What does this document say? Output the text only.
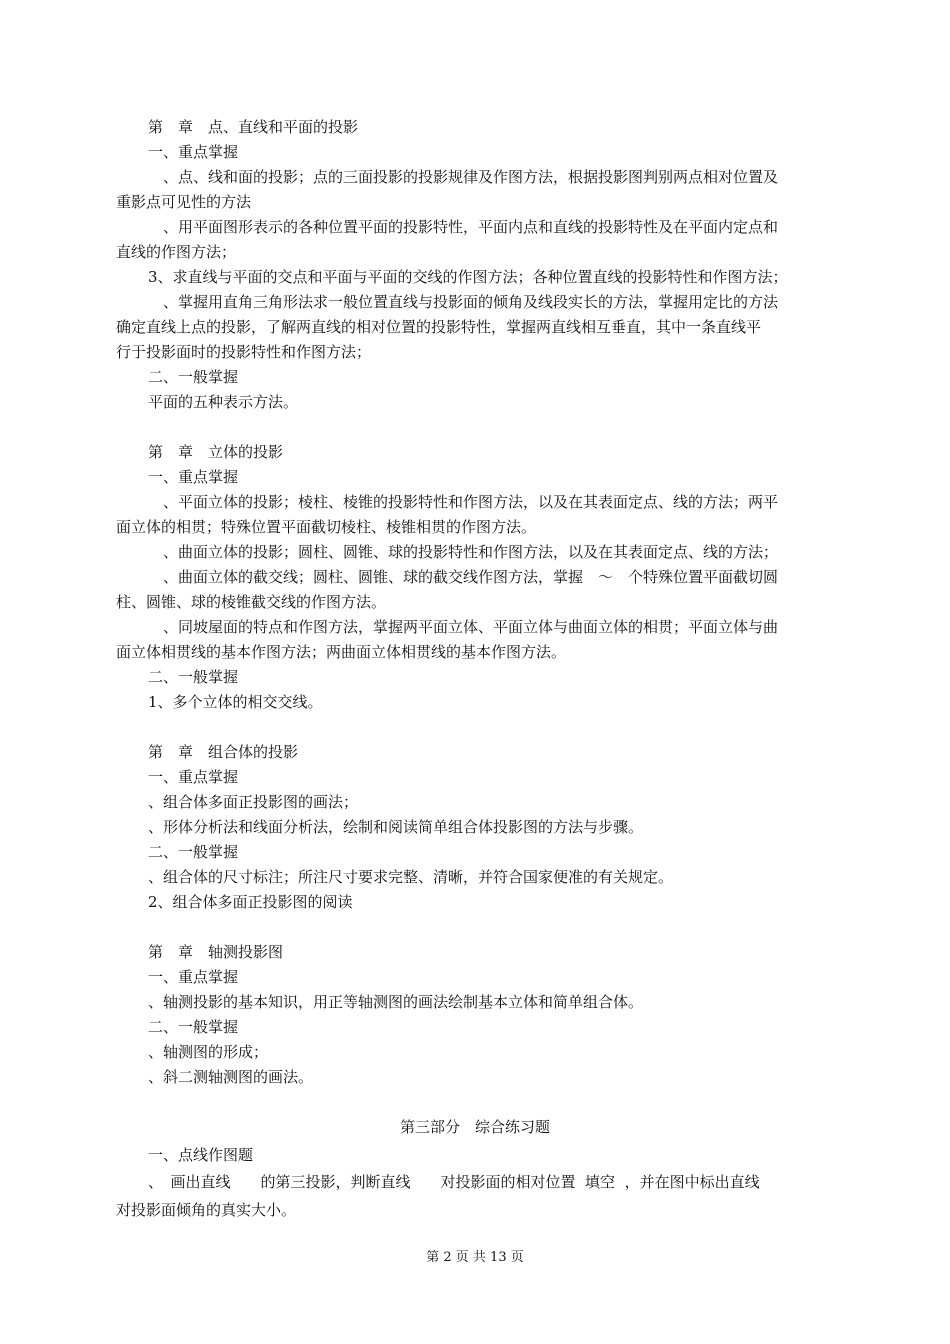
第　章　点、直线和平面的投影
一、重点掌握
　、点、线和面的投影；点的三面投影的投影规律及作图方法，根据投影图判别两点相对位置及
重影点可见性的方法
　、用平面图形表示的各种位置平面的投影特性，平面内点和直线的投影特性及在平面内定点和
直线的作图方法；
3、求直线与平面的交点和平面与平面的交线的作图方法；各种位置直线的投影特性和作图方法；
　、掌握用直角三角形法求一般位置直线与投影面的倾角及线段实长的方法，掌握用定比的方法
确定直线上点的投影，了解两直线的相对位置的投影特性，掌握两直线相互垂直，其中一条直线平
行于投影面时的投影特性和作图方法；
二、一般掌握
平面的五种表示方法。
第　章　立体的投影
一、重点掌握
　、平面立体的投影；棱柱、棱锥的投影特性和作图方法，以及在其表面定点、线的方法；两平
面立体的相贯；特殊位置平面截切棱柱、棱锥相贯的作图方法。
　、曲面立体的投影；圆柱、圆锥、球的投影特性和作图方法，以及在其表面定点、线的方法；
　、曲面立体的截交线；圆柱、圆锥、球的截交线作图方法，掌握　～　个特殊位置平面截切圆
柱、圆锥、球的棱锥截交线的作图方法。
　、同坡屋面的特点和作图方法，掌握两平面立体、平面立体与曲面立体的相贯；平面立体与曲
面立体相贯线的基本作图方法；两曲面立体相贯线的基本作图方法。
二、一般掌握
1、多个立体的相交交线。
第　章　组合体的投影
一、重点掌握
、组合体多面正投影图的画法；
、形体分析法和线面分析法，绘制和阅读简单组合体投影图的方法与步骤。
二、一般掌握
、组合体的尺寸标注；所注尺寸要求完整、清晰，并符合国家便准的有关规定。
2、组合体多面正投影图的阅读
第　章　轴测投影图
一、重点掌握
、轴测投影的基本知识，用正等轴测图的画法绘制基本立体和简单组合体。
二、一般掌握
、轴测图的形成；
、斜二测轴测图的画法。
第三部分　综合练习题
一、点线作图题
、　画出直线　　的第三投影，判断直线　　对投影面的相对位置  填空  ，并在图中标出直线
对投影面倾角的真实大小。
第 2 页 共 13 页
